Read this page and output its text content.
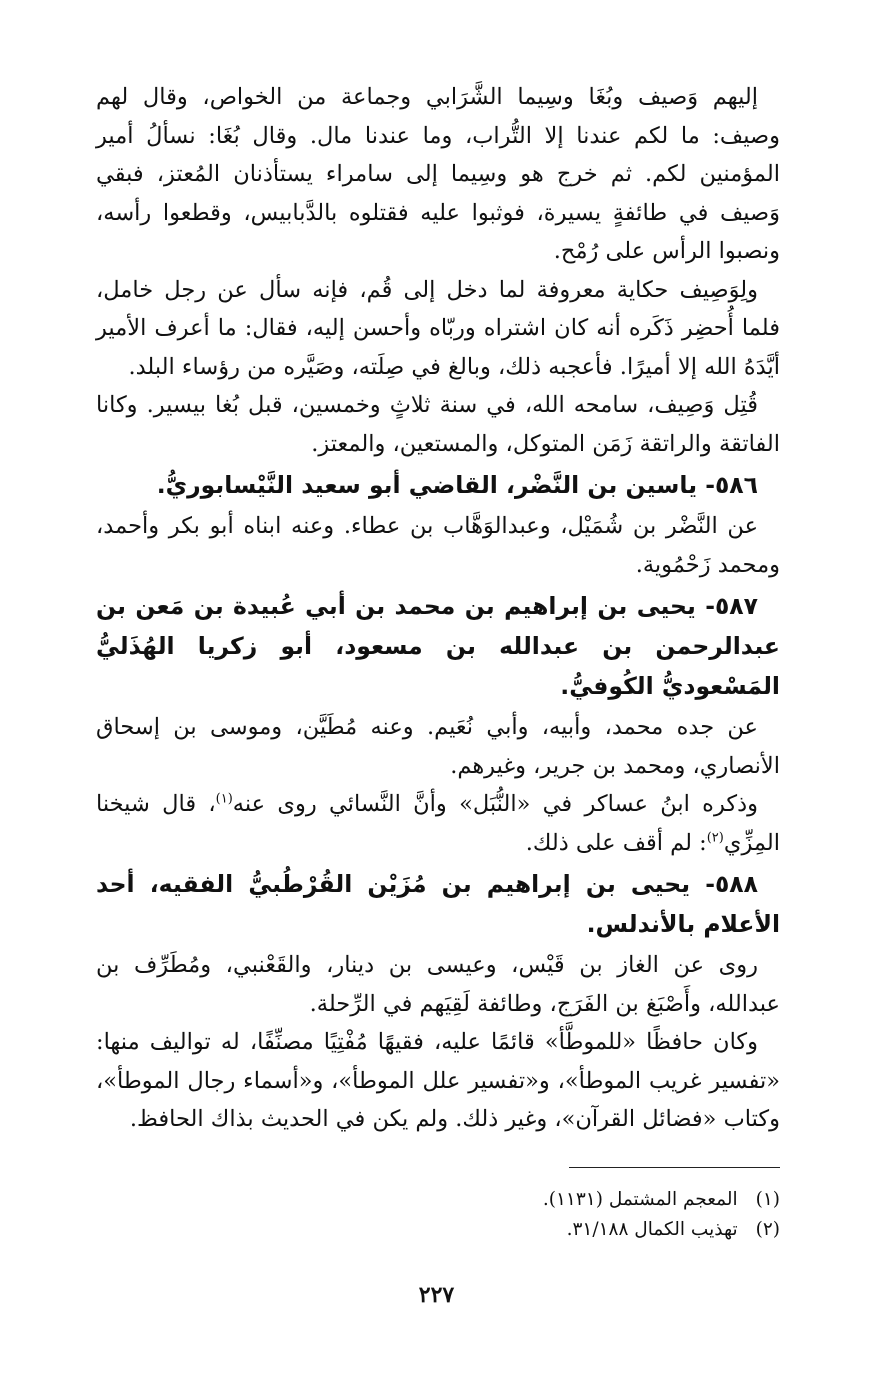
إليهم وَصيف وبُغَا وسِيما الشَّرَابي وجماعة من الخواص، وقال لهم وصيف: ما لكم عندنا إلا التُّراب، وما عندنا مال. وقال بُغَا: نسألُ أمير المؤمنين لكم. ثم خرج هو وسِيما إلى سامراء يستأذنان المُعتز، فبقي وَصيف في طائفةٍ يسيرة، فوثبوا عليه فقتلوه بالدَّبابيس، وقطعوا رأسه، ونصبوا الرأس على رُمْح.

ولِوَصِيف حكاية معروفة لما دخل إلى قُم، فإنه سأل عن رجل خامل، فلما أُحضِر ذَكَره أنه كان اشتراه وربّاه وأحسن إليه، فقال: ما أعرف الأمير أيَّدَهُ الله إلا أميرًا. فأعجبه ذلك، وبالغ في صِلَته، وصَيَّره من رؤساء البلد.

قُتِل وَصِيف، سامحه الله، في سنة ثلاثٍ وخمسين، قبل بُغا بيسير. وكانا الفاتقة والراتقة زَمَن المتوكل، والمستعين، والمعتز.

٥٨٦- ياسين بن النَّضْر، القاضي أبو سعيد النَّيْسابوريُّ.

عن النَّضْر بن شُمَيْل، وعبدالوَهَّاب بن عطاء. وعنه ابناه أبو بكر وأحمد، ومحمد زَحْمُوية.

٥٨٧- يحيى بن إبراهيم بن محمد بن أبي عُبيدة بن مَعن بن عبدالرحمن بن عبدالله بن مسعود، أبو زكريا الهُذَليُّ المَسْعوديُّ الكُوفيُّ.

عن جده محمد، وأبيه، وأبي نُعَيم. وعنه مُطَيَّن، وموسى بن إسحاق الأنصاري، ومحمد بن جرير، وغيرهم.

وذكره ابنُ عساكر في «النُّبَل» وأنَّ النَّسائي روى عنه$^{(١)}$، قال شيخنا المِزِّي$^{(٢)}$: لم أقف على ذلك.

٥٨٨- يحيى بن إبراهيم بن مُزَيْن القُرْطُبيُّ الفقيه، أحد الأعلام بالأندلس.

روى عن الغاز بن قَيْس، وعيسى بن دينار، والقَعْنبي، ومُطَرِّف بن عبدالله، وأَصْبَغ بن الفَرَج، وطائفة لَقِيَهم في الرِّحلة.

وكان حافظًا «للموطَّأ» قائمًا عليه، فقيهًا مُفْتِيًا مصنِّفًا، له تواليف منها: «تفسير غريب الموطأ»، و«تفسير علل الموطأ»، و«أسماء رجال الموطأ»، وكتاب «فضائل القرآن»، وغير ذلك. ولم يكن في الحديث بذاك الحافظ.

(١)المعجم المشتمل (١١٣١).

(٢)تهذيب الكمال ٣١/١٨٨.

٢٢٧
